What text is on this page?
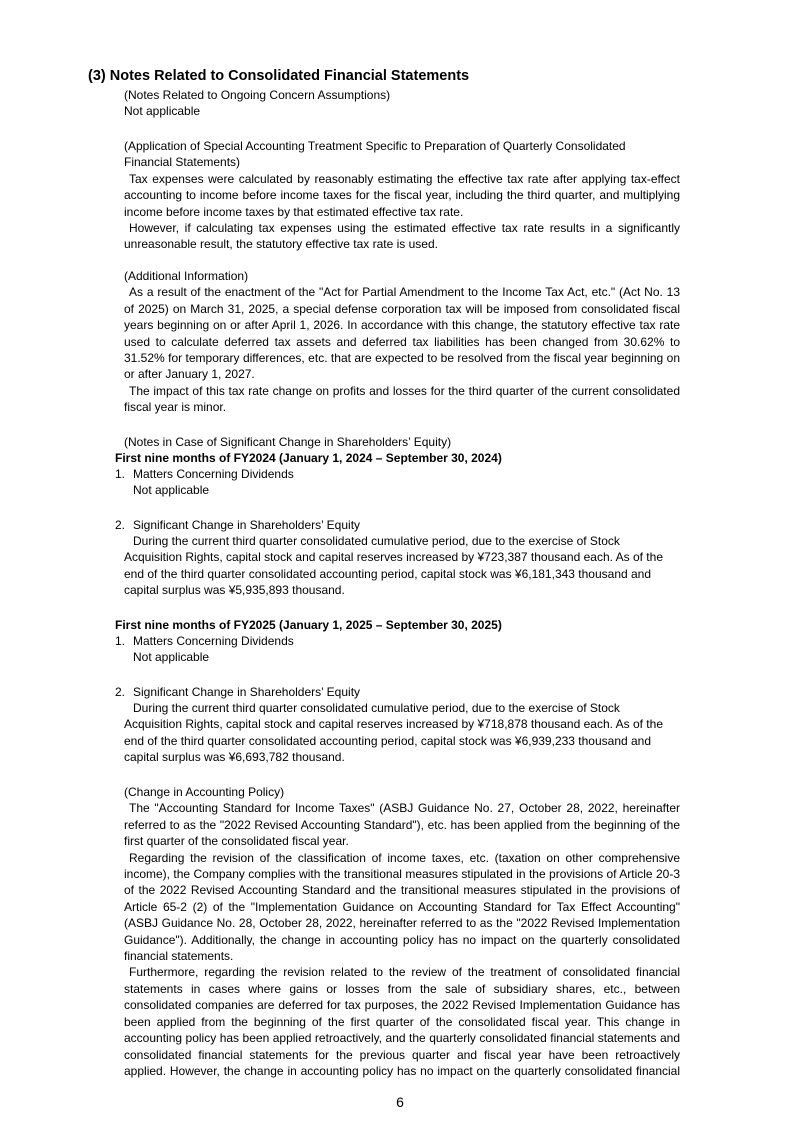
(3) Notes Related to Consolidated Financial Statements

(Notes Related to Ongoing Concern Assumptions)

Not applicable

(Application of Special Accounting Treatment Specific to Preparation of Quarterly Consolidated

Financial Statements)

Tax expenses were calculated by reasonably estimating the effective tax rate after applying tax-effect accounting to income before income taxes for the fiscal year, including the third quarter, and multiplying income before income taxes by that estimated effective tax rate.

However, if calculating tax expenses using the estimated effective tax rate results in a significantly unreasonable result, the statutory effective tax rate is used.

(Additional Information)

As a result of the enactment of the "Act for Partial Amendment to the Income Tax Act, etc." (Act No. 13 of 2025) on March 31, 2025, a special defense corporation tax will be imposed from consolidated fiscal years beginning on or after April 1, 2026. In accordance with this change, the statutory effective tax rate used to calculate deferred tax assets and deferred tax liabilities has been changed from 30.62% to 31.52% for temporary differences, etc. that are expected to be resolved from the fiscal year beginning on or after January 1, 2027.

The impact of this tax rate change on profits and losses for the third quarter of the current consolidated fiscal year is minor.

(Notes in Case of Significant Change in Shareholders’ Equity)

First nine months of FY2024 (January 1, 2024 – September 30, 2024)
1. Matters Concerning Dividends
Not applicable
2. Significant Change in Shareholders’ Equity

During the current third quarter consolidated cumulative period, due to the exercise of Stock

Acquisition Rights, capital stock and capital reserves increased by ¥723,387 thousand each. As of the

end of the third quarter consolidated accounting period, capital stock was ¥6,181,343 thousand and

capital surplus was ¥5,935,893 thousand.

First nine months of FY2025 (January 1, 2025 – September 30, 2025)
1. Matters Concerning Dividends
Not applicable
2. Significant Change in Shareholders’ Equity

During the current third quarter consolidated cumulative period, due to the exercise of Stock

Acquisition Rights, capital stock and capital reserves increased by ¥718,878 thousand each. As of the

end of the third quarter consolidated accounting period, capital stock was ¥6,939,233 thousand and

capital surplus was ¥6,693,782 thousand.

(Change in Accounting Policy)

The "Accounting Standard for Income Taxes" (ASBJ Guidance No. 27, October 28, 2022, hereinafter referred to as the "2022 Revised Accounting Standard"), etc. has been applied from the beginning of the first quarter of the consolidated fiscal year.

Regarding the revision of the classification of income taxes, etc. (taxation on other comprehensive income), the Company complies with the transitional measures stipulated in the provisions of Article 20-3 of the 2022 Revised Accounting Standard and the transitional measures stipulated in the provisions of Article 65-2 (2) of the "Implementation Guidance on Accounting Standard for Tax Effect Accounting" (ASBJ Guidance No. 28, October 28, 2022, hereinafter referred to as the "2022 Revised Implementation Guidance"). Additionally, the change in accounting policy has no impact on the quarterly consolidated financial statements.

Furthermore, regarding the revision related to the review of the treatment of consolidated financial statements in cases where gains or losses from the sale of subsidiary shares, etc., between consolidated companies are deferred for tax purposes, the 2022 Revised Implementation Guidance has been applied from the beginning of the first quarter of the consolidated fiscal year. This change in accounting policy has been applied retroactively, and the quarterly consolidated financial statements and consolidated financial statements for the previous quarter and fiscal year have been retroactively applied. However, the change in accounting policy has no impact on the quarterly consolidated financial

6
